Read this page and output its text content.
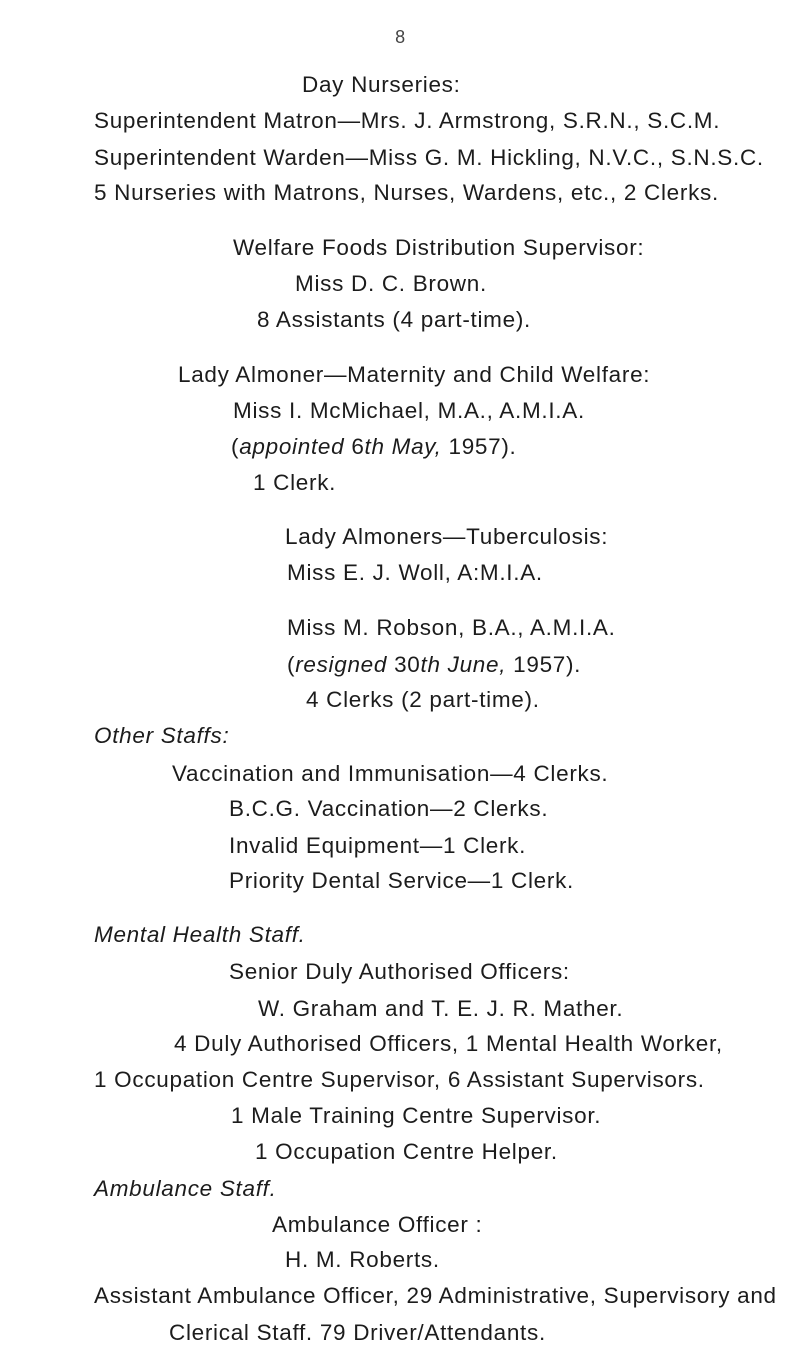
8
Day Nurseries:
Superintendent Matron—Mrs. J. Armstrong, S.R.N., S.C.M.
Superintendent Warden—Miss G. M. Hickling, N.V.C., S.N.S.C.
5 Nurseries with Matrons, Nurses, Wardens, etc., 2 Clerks.
Welfare Foods Distribution Supervisor:
Miss D. C. Brown.
8 Assistants (4 part-time).
Lady Almoner—Maternity and Child Welfare:
Miss I. McMichael, M.A., A.M.I.A.
(appointed 6th May, 1957).
1 Clerk.
Lady Almoners—Tuberculosis:
Miss E. J. Woll, A:M.I.A.
Miss M. Robson, B.A., A.M.I.A.
(resigned 30th June, 1957).
4 Clerks (2 part-time).
Other Staffs:
Vaccination and Immunisation—4 Clerks.
B.C.G. Vaccination—2 Clerks.
Invalid Equipment—1 Clerk.
Priority Dental Service—1 Clerk.
Mental Health Staff.
Senior Duly Authorised Officers:
W. Graham and T. E. J. R. Mather.
4 Duly Authorised Officers, 1 Mental Health Worker,
1 Occupation Centre Supervisor, 6 Assistant Supervisors.
1 Male Training Centre Supervisor.
1 Occupation Centre Helper.
Ambulance Staff.
Ambulance Officer :
H. M. Roberts.
Assistant Ambulance Officer, 29 Administrative, Supervisory and
Clerical Staff. 79 Driver/Attendants.
